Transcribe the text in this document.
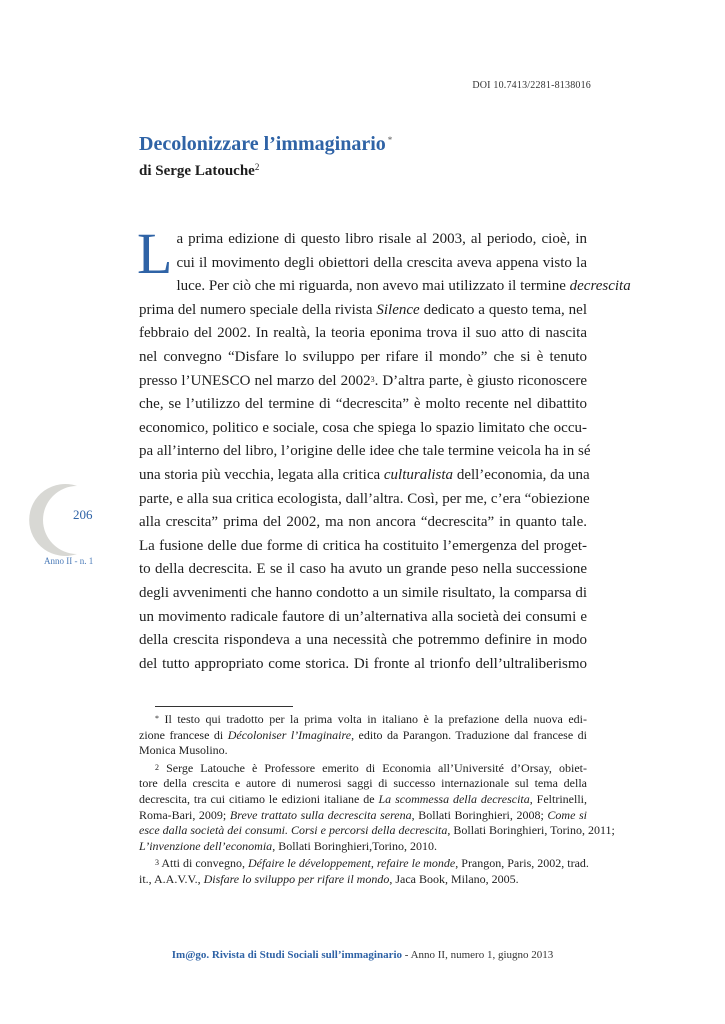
DOI 10.7413/2281-8138016
Decolonizzare l’immaginario *
di Serge Latouche$^2$
L a prima edizione di questo libro risale al 2003, al periodo, cioè, in
cui il movimento degli obiettori della crescita aveva appena visto la
luce. Per ciò che mi riguarda, non avevo mai utilizzato il termine decrescita
prima del numero speciale della rivista Silence dedicato a questo tema, nel
febbraio del 2002. In realtà, la teoria eponima trova il suo atto di nascita
nel convegno “Disfare lo sviluppo per rifare il mondo” che si è tenuto
presso l’UNESCO nel marzo del 2002$^3$. D’altra parte, è giusto riconoscere
che, se l’utilizzo del termine di “decrescita” è molto recente nel dibattito
economico, politico e sociale, cosa che spiega lo spazio limitato che occu-
pa all’interno del libro, l’origine delle idee che tale termine veicola ha in sé
una storia più vecchia, legata alla critica culturalista dell’economia, da una
parte, e alla sua critica ecologista, dall’altra. Così, per me, c’era “obiezione
alla crescita” prima del 2002, ma non ancora “decrescita” in quanto tale.
La fusione delle due forme di critica ha costituito l’emergenza del proget-
to della decrescita. E se il caso ha avuto un grande peso nella successione
degli avvenimenti che hanno condotto a un simile risultato, la comparsa di
un movimento radicale fautore di un’alternativa alla società dei consumi e
della crescita rispondeva a una necessità che potremmo definire in modo
del tutto appropriato come storica. Di fronte al trionfo dell’ultraliberismo
206
Anno II - n. 1
* Il testo qui tradotto per la prima volta in italiano è la prefazione della nuova edi-
zione francese di Décoloniser l’Imaginaire, edito da Parangon. Traduzione dal francese di
Monica Musolino.
$^2$ Serge Latouche è Professore emerito di Economia all’Université d’Orsay, obiet-
tore della crescita e autore di numerosi saggi di successo internazionale sul tema della
decrescita, tra cui citiamo le edizioni italiane de La scommessa della decrescita, Feltrinelli,
Roma-Bari, 2009; Breve trattato sulla decrescita serena, Bollati Boringhieri, 2008; Come si
esce dalla società dei consumi. Corsi e percorsi della decrescita, Bollati Boringhieri, Torino, 2011;
L’invenzione dell’economia, Bollati Boringhieri,Torino, 2010.
$^3$ Atti di convegno, Défaire le développement, refaire le monde, Prangon, Paris, 2002, trad.
it., A.A.V.V., Disfare lo sviluppo per rifare il mondo, Jaca Book, Milano, 2005.
Im@go. Rivista di Studi Sociali sull’immaginario - Anno II, numero 1, giugno 2013
